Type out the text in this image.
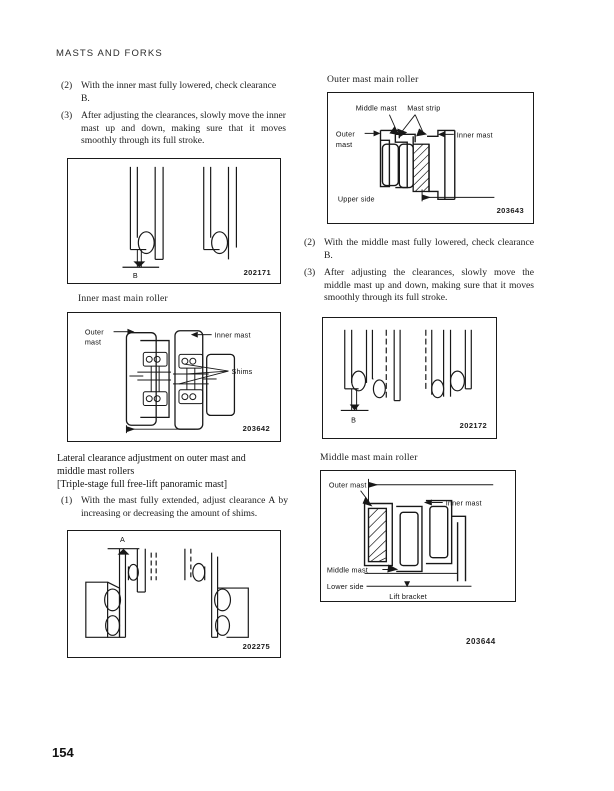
MASTS AND FORKS
(2) With the inner mast fully lowered, check clearance B.
(3) After adjusting the clearances, slowly move the inner mast up and down, making sure that it moves smoothly through its full stroke.
B	202171
Inner mast main roller
Outer
mast
Inner mast
Shims
203642
Lateral clearance adjustment on outer mast and
middle mast rollers
[Triple-stage full free-lift panoramic mast]
(1) With the mast fully extended, adjust clearance A by increasing or decreasing the amount of shims.
A
202275
Outer mast main roller
Middle mast Mast strip
Outer
mast
Inner mast
Upper side
203643
(2) With the middle mast fully lowered, check clearance B.
(3) After adjusting the clearances, slowly move the middle mast up and down, making sure that it moves smoothly through its full stroke.
B
202172
Middle mast main roller
Outer mast
Inner mast
Middle mast
Lower side
Lift bracket
203644
154
